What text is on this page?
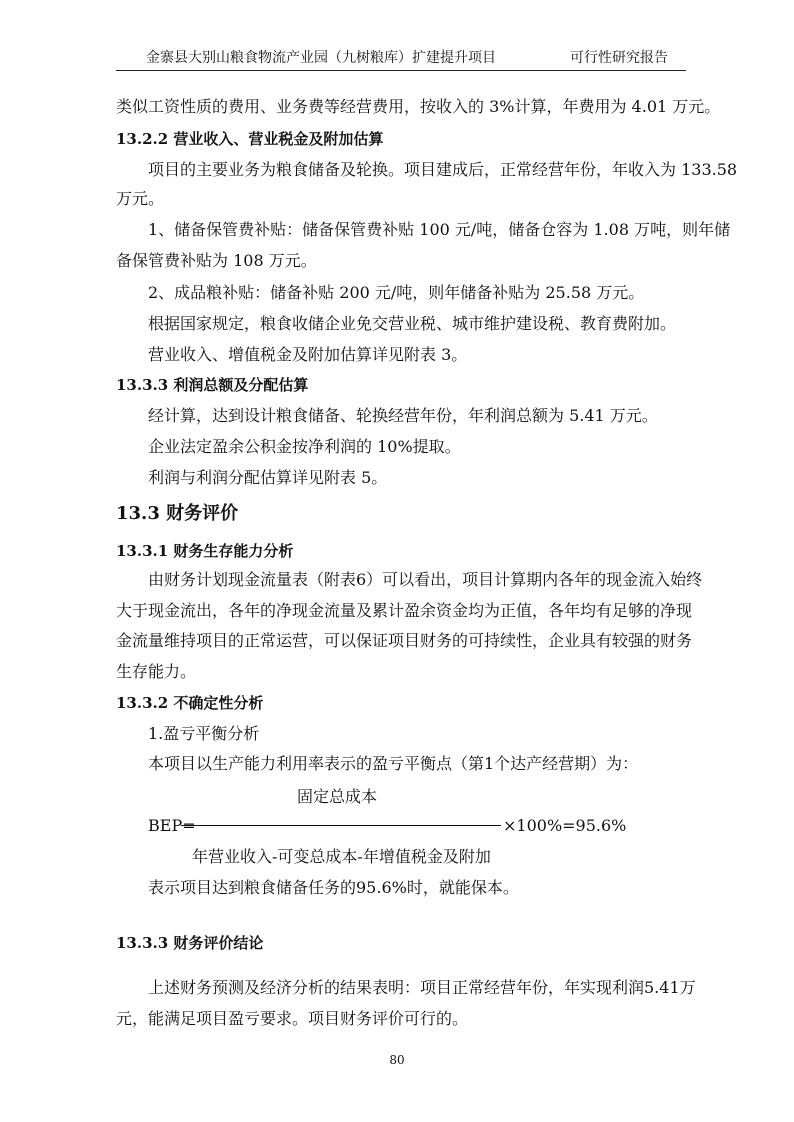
金寨县大别山粮食物流产业园（九树粮库）扩建提升项目	可行性研究报告
类似工资性质的费用、业务费等经营费用，按收入的 3%计算，年费用为 4.01 万元。
13.2.2 营业收入、营业税金及附加估算
项目的主要业务为粮食储备及轮换。项目建成后，正常经营年份，年收入为 133.58
万元。
1、储备保管费补贴：储备保管费补贴 100 元/吨，储备仓容为 1.08 万吨，则年储
备保管费补贴为 108 万元。
2、成品粮补贴：储备补贴 200 元/吨，则年储备补贴为 25.58 万元。
根据国家规定，粮食收储企业免交营业税、城市维护建设税、教育费附加。
营业收入、增值税金及附加估算详见附表 3。
13.3.3 利润总额及分配估算
经计算，达到设计粮食储备、轮换经营年份，年利润总额为 5.41 万元。
企业法定盈余公积金按净利润的 10%提取。
利润与利润分配估算详见附表 5。
13.3 财务评价
13.3.1 财务生存能力分析
由财务计划现金流量表（附表6）可以看出，项目计算期内各年的现金流入始终
大于现金流出，各年的净现金流量及累计盈余资金均为正值，各年均有足够的净现
金流量维持项目的正常运营，可以保证项目财务的可持续性，企业具有较强的财务
生存能力。
13.3.2 不确定性分析
1.盈亏平衡分析
本项目以生产能力利用率表示的盈亏平衡点（第1个达产经营期）为：
固定总成本
BEP=	×100%=95.6%
年营业收入-可变总成本-年增值税金及附加
表示项目达到粮食储备任务的95.6%时，就能保本。
13.3.3 财务评价结论
上述财务预测及经济分析的结果表明：项目正常经营年份，年实现利润5.41万
元，能满足项目盈亏要求。项目财务评价可行的。
80
